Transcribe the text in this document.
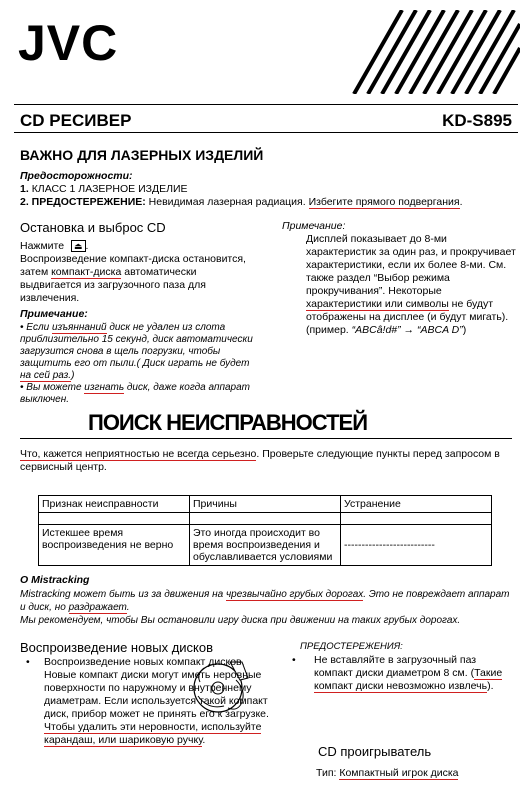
JVC
CD РЕСИВЕР	KD-S895
ВАЖНО ДЛЯ ЛАЗЕРНЫХ ИЗДЕЛИЙ
Предосторожности:
1. КЛАСС 1 ЛАЗЕРНОЕ ИЗДЕЛИЕ
2. ПРЕДОСТЕРЕЖЕНИЕ: Невидимая лазерная радиация. Избегите прямого подвергания.
Остановка и выброс CD
Нажмите ⏏ .
Воспроизведение компакт-диска остановится, затем компакт-диска автоматически выдвигается из загрузочного паза для извлечения.
Примечание:
• Если изъяннаний диск не удален из слота приблизительно 15 секунд, диск автоматически загрузится снова в щель погрузки, чтобы защитить его от пыли.( Диск играть не будет на сей раз.)
• Вы можете изгнать диск, даже когда аппарат выключен.
Примечание:
Дисплей показывает до 8-ми характеристик за один раз, и прокручивает характеристики, если их более 8-ми. См. также раздел “Выбор режима прокручивания”. Некоторые характеристики или символы не будут отображены на дисплее (и будут мигать). (пример. “ABCâ!d#” → “ABCA D”)
ПОИСК НЕИСПРАВНОСТЕЙ
Что, кажется неприятностью не всегда серьезно. Проверьте следующие пункты перед запросом в сервисный центр.
Признак неисправности	Причины	Устранение

Истекшее время воспроизведения не верно	Это иногда происходит во время воспроизведения и обуславливается условиями	--------------------------
O Mistracking
Mistracking может быть из за движения на чрезвычайно грубых дорогах. Это не повреждает аппарат и диск, но раздражает.
Мы рекомендуем, чтобы Вы остановили игру диска при движении на таких грубых дорогах.
Воспроизведение новых дисков
• Воспроизведение новых компакт дисков. Новые компакт диски могут иметь неровные поверхности по наружному и внутреннему диаметрам. Если используется такой компакт диск, прибор может не принять его к загрузке. Чтобы удалить эти неровности, используйте карандаш, или шариковую ручку.
ПРЕДОСТЕРЕЖЕНИЯ:
• Не вставляйте в загрузочный паз компакт диски диаметром 8 см. (Такие компакт диски невозможно извлечь).
CD проигрыватель
Тип: Компактный игрок диска
